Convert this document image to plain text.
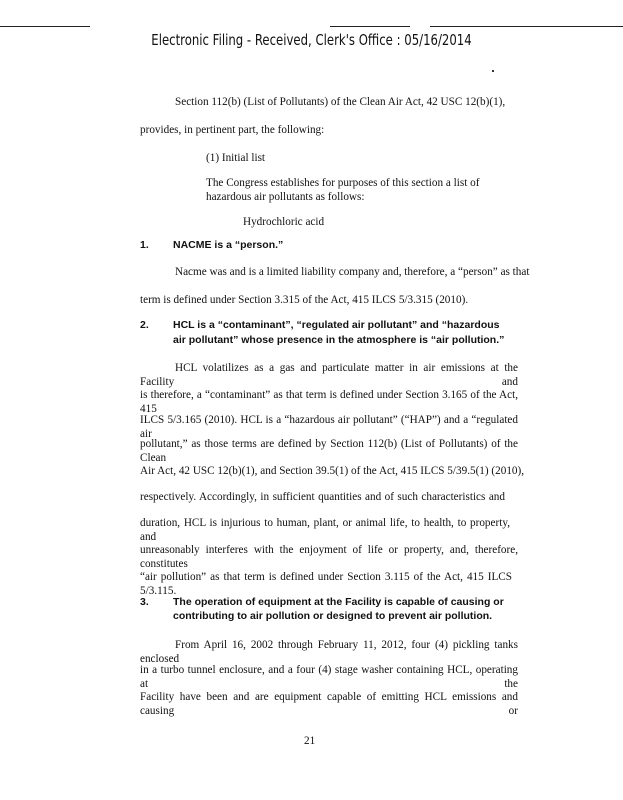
Electronic Filing - Received, Clerk's Office : 05/16/2014
Section 112(b) (List of Pollutants) of the Clean Air Act, 42 USC 12(b)(1),
provides, in pertinent part, the following:
(1) Initial list
The Congress establishes for purposes of this section a list of
hazardous air pollutants as follows:
Hydrochloric acid
1. NACME is a “person.”
Nacme was and is a limited liability company and, therefore, a “person” as that
term is defined under Section 3.315 of the Act, 415 ILCS 5/3.315 (2010).
2. HCL is a “contaminant”, “regulated air pollutant” and “hazardous
air pollutant” whose presence in the atmosphere is “air pollution.”
HCL volatilizes as a gas and particulate matter in air emissions at the Facility and
is therefore, a “contaminant” as that term is defined under Section 3.165 of the Act, 415
ILCS 5/3.165 (2010). HCL is a “hazardous air pollutant” (“HAP”) and a “regulated air
pollutant,” as those terms are defined by Section 112(b) (List of Pollutants) of the Clean
Air Act, 42 USC 12(b)(1), and Section 39.5(1) of the Act, 415 ILCS 5/39.5(1) (2010),
respectively. Accordingly, in sufficient quantities and of such characteristics and
duration, HCL is injurious to human, plant, or animal life, to health, to property, and
unreasonably interferes with the enjoyment of life or property, and, therefore, constitutes
“air pollution” as that term is defined under Section 3.115 of the Act, 415 ILCS 5/3.115.
3. The operation of equipment at the Facility is capable of causing or
contributing to air pollution or designed to prevent air pollution.
From April 16, 2002 through February 11, 2012, four (4) pickling tanks enclosed
in a turbo tunnel enclosure, and a four (4) stage washer containing HCL, operating at the
Facility have been and are equipment capable of emitting HCL emissions and causing or
21
